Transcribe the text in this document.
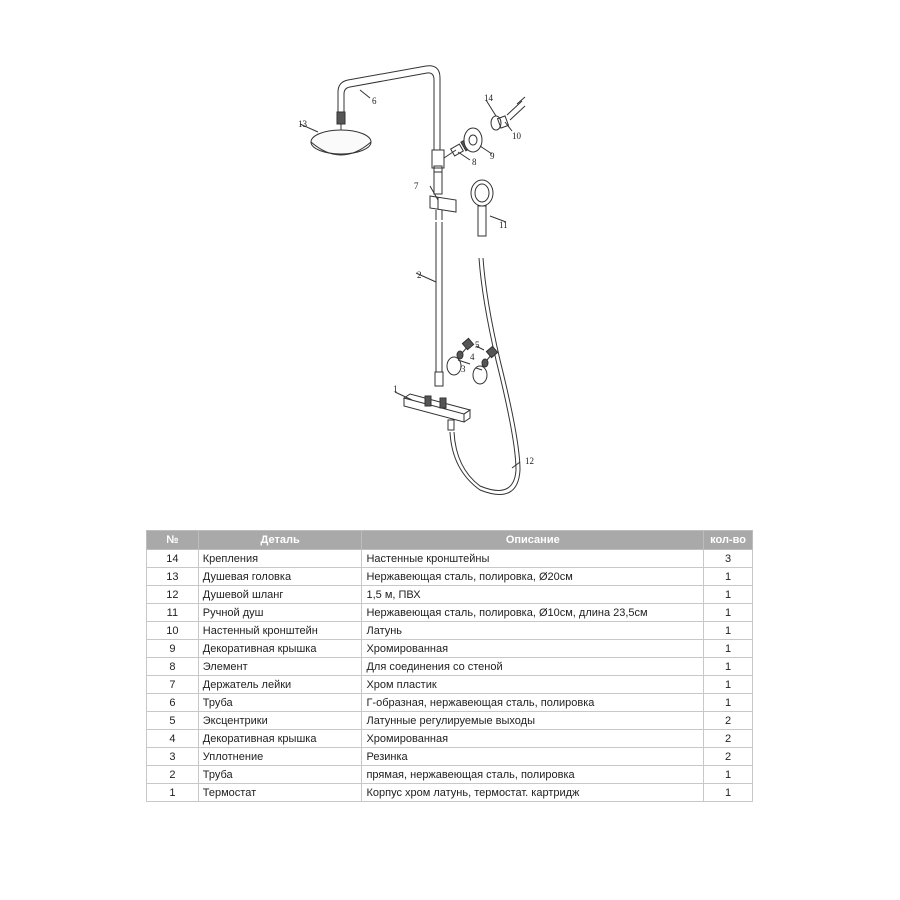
1
2
3
4
5
6
7
8
9
10
11
12
13
14
№	Деталь	Описание	кол-во
14	Крепления	Настенные кронштейны	3
13	Душевая головка	Нержавеющая сталь, полировка, Ø20см	1
12	Душевой шланг	1,5 м, ПВХ	1
11	Ручной душ	Нержавеющая сталь, полировка, Ø10см, длина 23,5см	1
10	Настенный кронштейн	Латунь	1
9	Декоративная крышка	Хромированная	1
8	Элемент	Для соединения со стеной	1
7	Держатель лейки	Хром пластик	1
6	Труба	Г-образная, нержавеющая сталь, полировка	1
5	Эксцентрики	Латунные регулируемые выходы	2
4	Декоративная крышка	Хромированная	2
3	Уплотнение	Резинка	2
2	Труба	прямая, нержавеющая сталь, полировка	1
1	Термостат	Корпус хром латунь, термостат. картридж	1
